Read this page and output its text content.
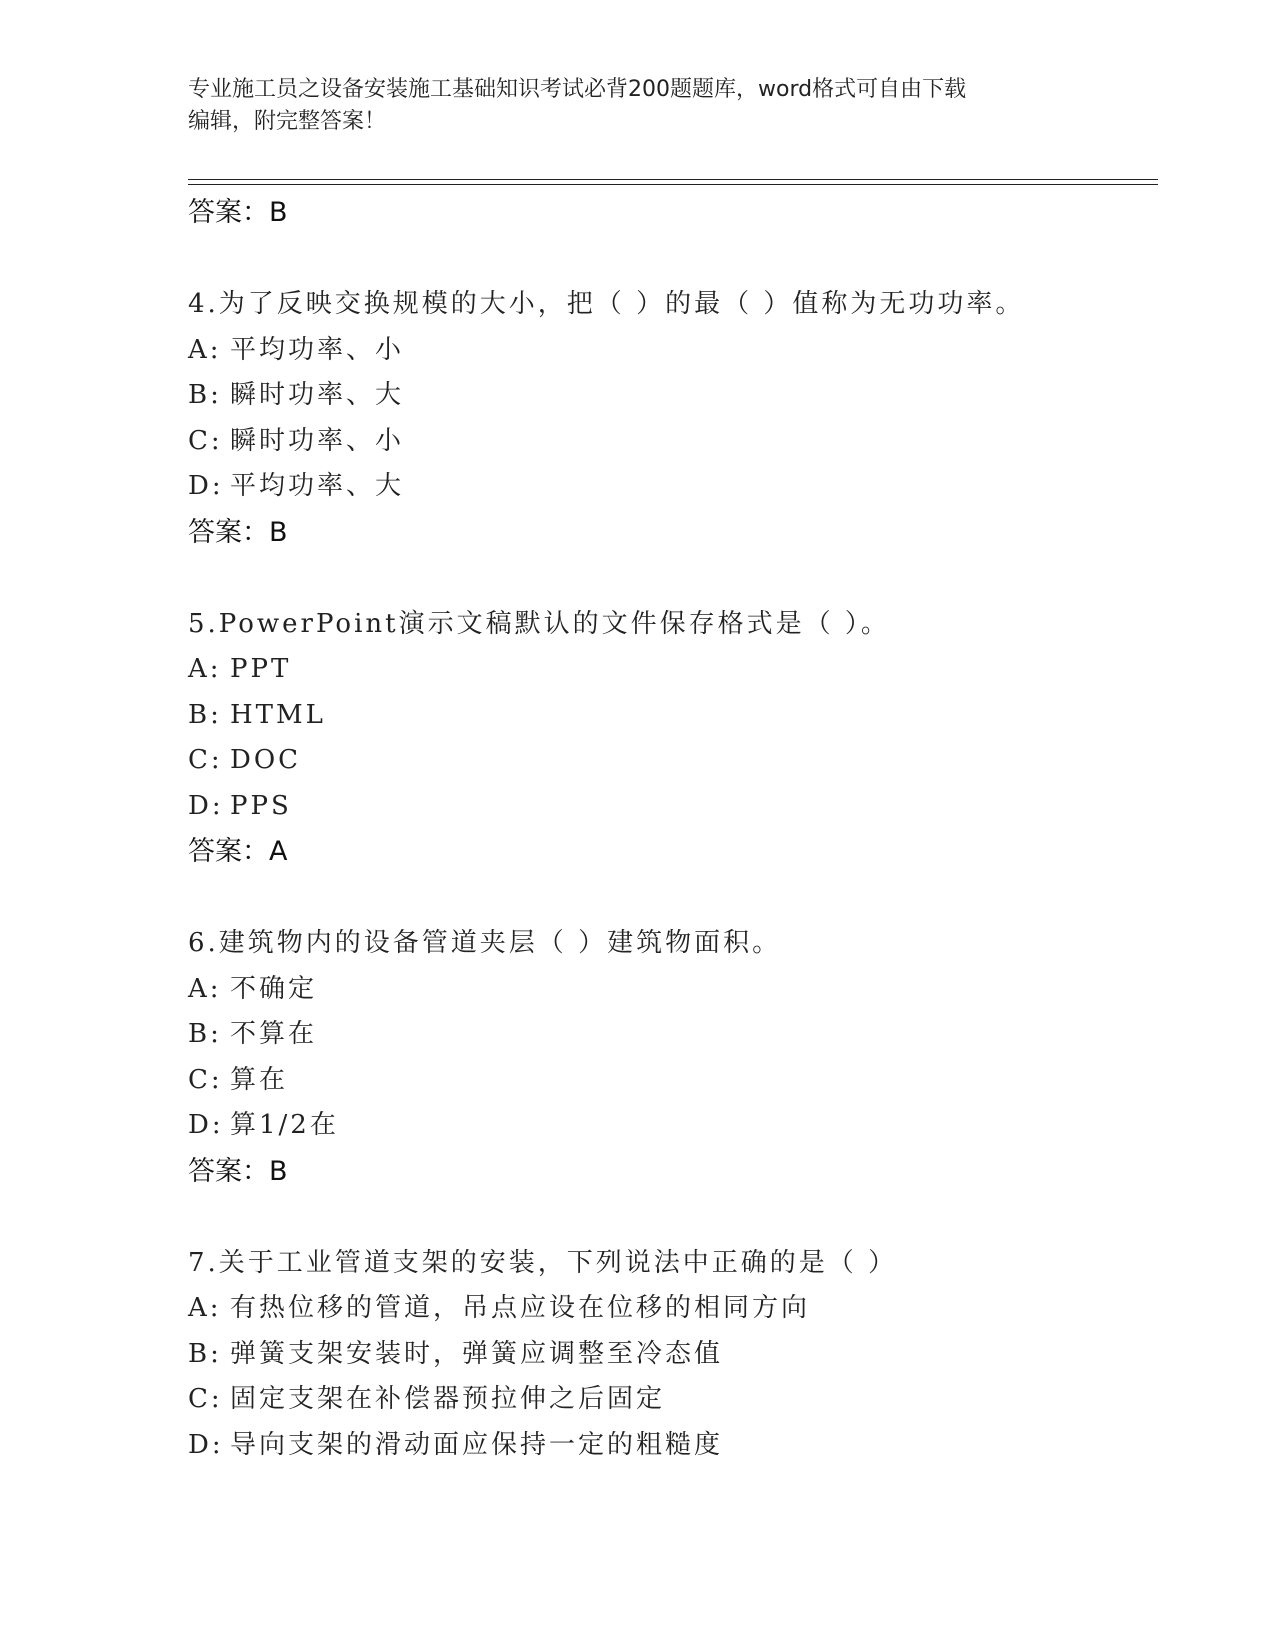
专业施工员之设备安装施工基础知识考试必背200题题库，word格式可自由下载
编辑，附完整答案！
答案：B
4.为了反映交换规模的大小，把（ ）的最（ ）值称为无功功率。
A: 平均功率、小
B: 瞬时功率、大
C: 瞬时功率、小
D: 平均功率、大
答案：B
5.PowerPoint演示文稿默认的文件保存格式是（ ）。
A: PPT
B: HTML
C: DOC
D: PPS
答案：A
6.建筑物内的设备管道夹层（ ）建筑物面积。
A: 不确定
B: 不算在
C: 算在
D: 算1/2在
答案：B
7.关于工业管道支架的安装，下列说法中正确的是（ ）
A: 有热位移的管道，吊点应设在位移的相同方向
B: 弹簧支架安装时，弹簧应调整至冷态值
C: 固定支架在补偿器预拉伸之后固定
D: 导向支架的滑动面应保持一定的粗糙度
